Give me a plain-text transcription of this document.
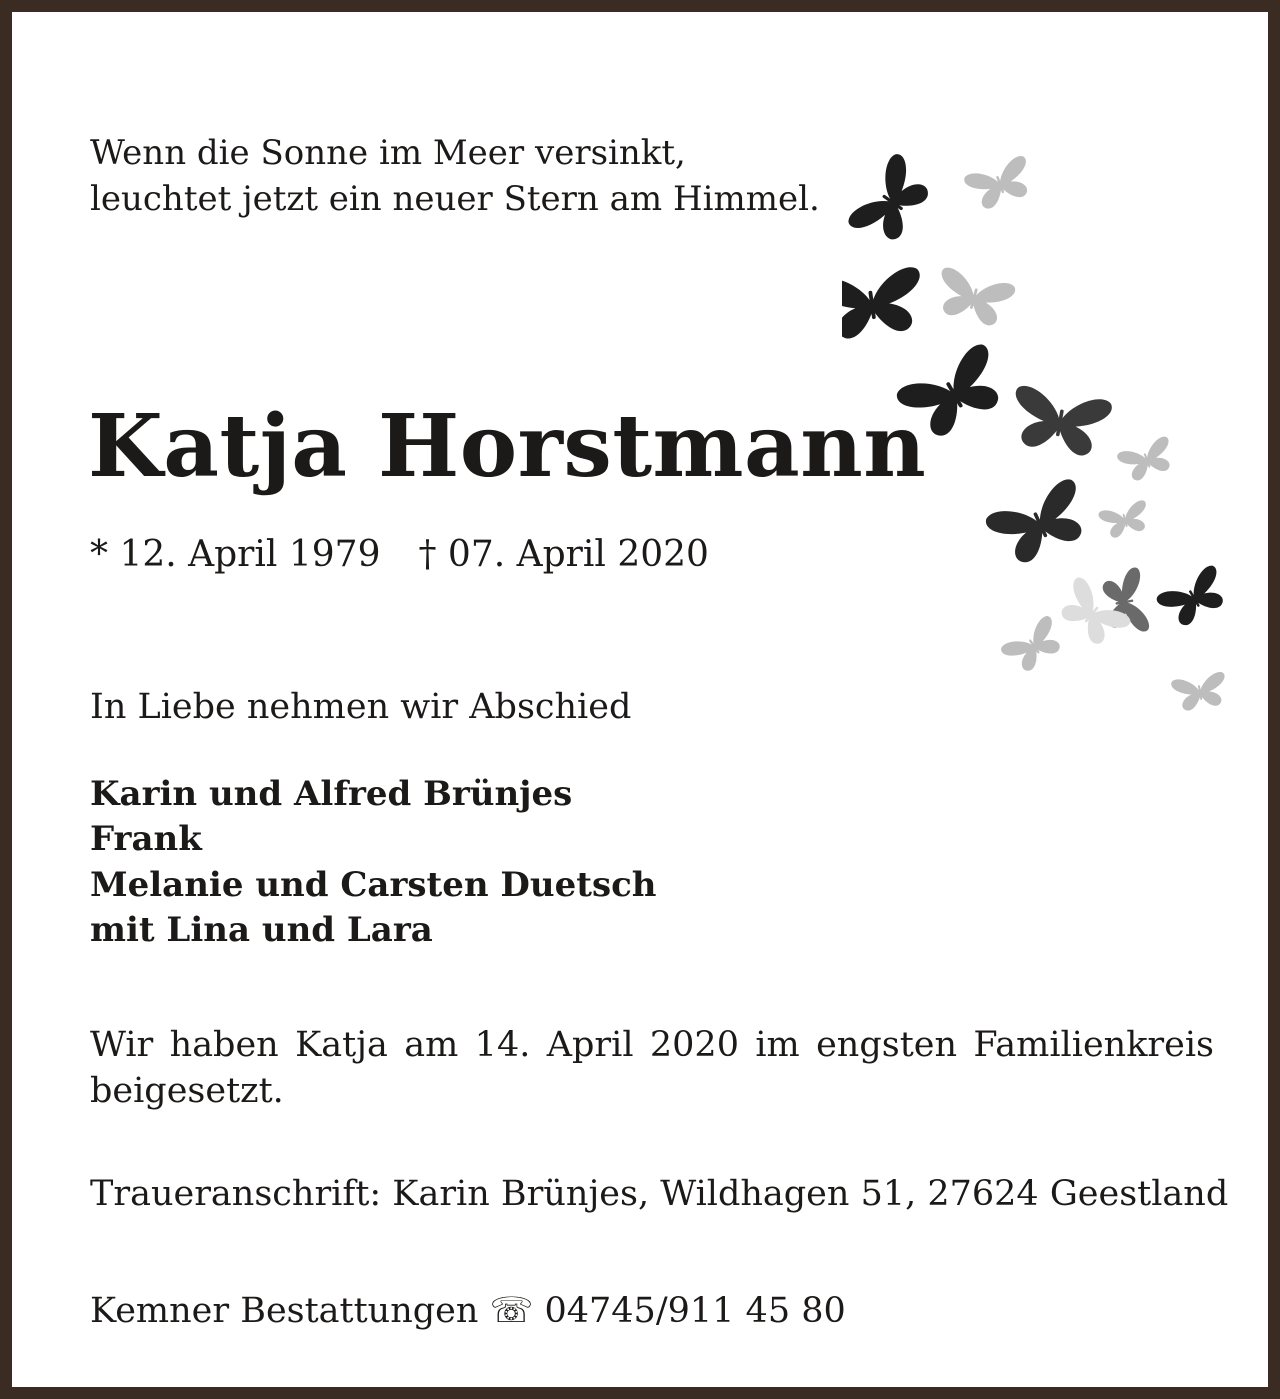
Wenn die Sonne im Meer versinkt,

leuchtet jetzt ein neuer Stern am Himmel.

Katja Horstmann

* 12. April 1979 † 07. April 2020

In Liebe nehmen wir Abschied

Karin und Alfred Brünjes

Frank

Melanie und Carsten Duetsch

mit Lina und Lara

Wir haben Katja am 14. April 2020 im engsten Familienkreis beigesetzt.

Traueranschrift: Karin Brünjes, Wildhagen 51, 27624 Geestland

Kemner Bestattungen ☏ 04745/911 45 80
